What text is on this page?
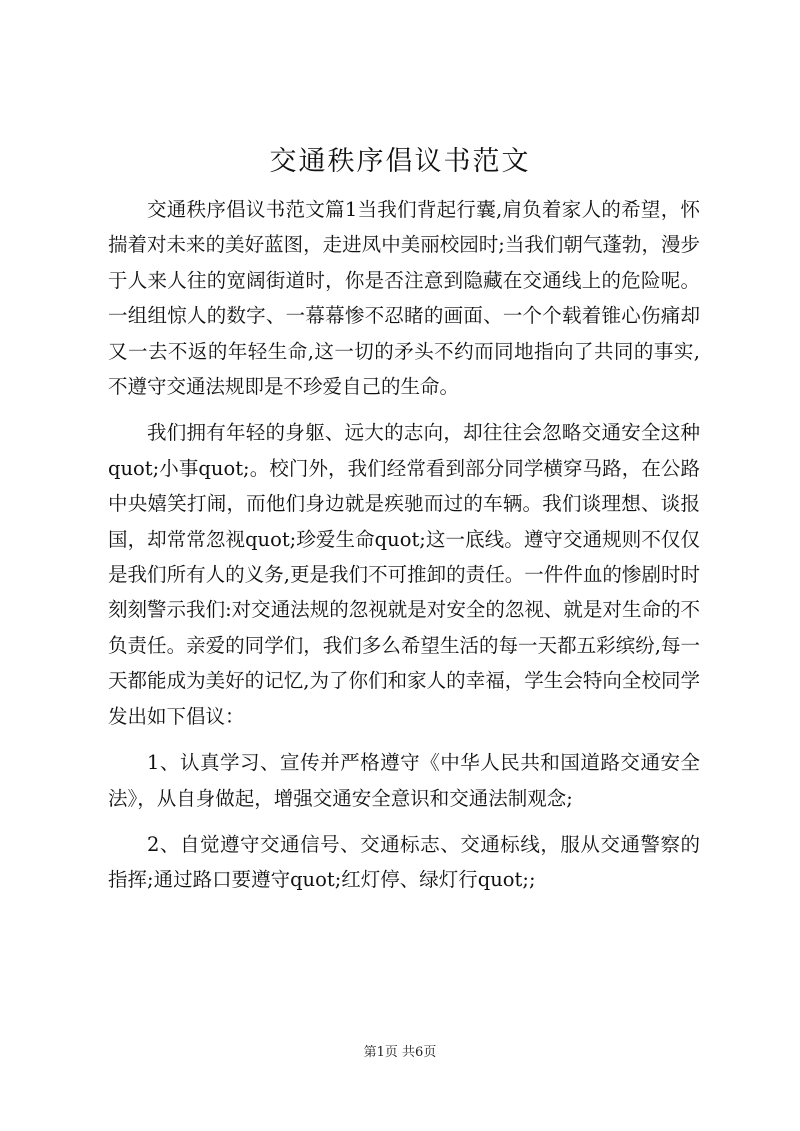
交通秩序倡议书范文

交通秩序倡议书范文篇1当我们背起行囊,肩负着家人的希望，怀揣着对未来的美好蓝图，走进凤中美丽校园时;当我们朝气蓬勃，漫步于人来人往的宽阔街道时，你是否注意到隐藏在交通线上的危险呢。一组组惊人的数字、一幕幕惨不忍睹的画面、一个个载着锥心伤痛却又一去不返的年轻生命,这一切的矛头不约而同地指向了共同的事实,不遵守交通法规即是不珍爱自己的生命。

我们拥有年轻的身躯、远大的志向，却往往会忽略交通安全这种quot;小事quot;。校门外，我们经常看到部分同学横穿马路，在公路中央嬉笑打闹，而他们身边就是疾驰而过的车辆。我们谈理想、谈报国，却常常忽视quot;珍爱生命quot;这一底线。遵守交通规则不仅仅是我们所有人的义务,更是我们不可推卸的责任。一件件血的惨剧时时刻刻警示我们:对交通法规的忽视就是对安全的忽视、就是对生命的不负责任。亲爱的同学们，我们多么希望生活的每一天都五彩缤纷,每一天都能成为美好的记忆,为了你们和家人的幸福，学生会特向全校同学发出如下倡议：

1、认真学习、宣传并严格遵守《中华人民共和国道路交通安全法》，从自身做起，增强交通安全意识和交通法制观念;

2、自觉遵守交通信号、交通标志、交通标线，服从交通警察的指挥;通过路口要遵守quot;红灯停、绿灯行quot;;

第1页 共6页
